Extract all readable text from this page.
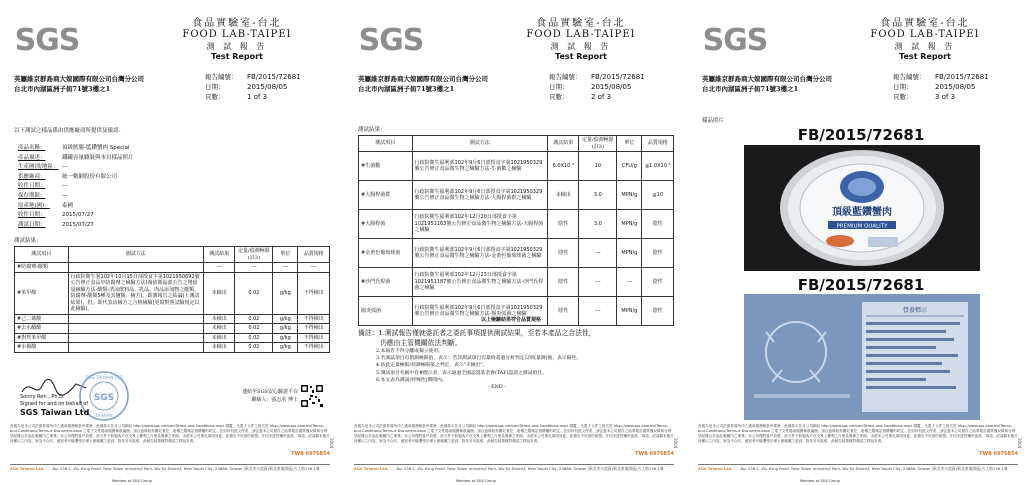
SGS	食品實驗室-台北
FOOD LAB-TAIPEI
測 試 報 告
Test Report
英屬維京群島商大媗國際有限公司台灣分公司
台北市內湖區洲子街71號3樓之1
報告編號：	FB/2015/72681
日期：	2015/08/05
頁數：	1 of 3
以下測試之樣品係由供應廠商所提供及確認：
產品名稱：	頂級鱈腸-藍鑽蟹肉 Special
產品描述：	鐵罐容量聽裝與本頁樣品照片
生產國別/地區： ---
供應廠商：	統一數網股份有限公司
收件日期：	---
保存期限：	---
原產地(國)：	泰國
收件日期：	2015/07/27
測試日期：	2015/07/27
測試結果：
測試項目	測試方法	測試結果	定量/偵測極限(註3)	單位	品質規格
#防腐劑-酸類		---	---	---	---
#苯甲酸	行政院衛生署102年10月15日部授食字第1021950692號公告修正食品中防腐劑之檢驗方法(複依衛福部公告之殘留量檢驗方法-酸類-清涼飲料品、乳品、肉品添加物之酸類、防腐劑-酸類5種及其鹽類、檢方)。即測報告之結論(上測試結果)，但，即代表活檢方之合格檢驗(更寫對照試驗規定以此檢驗)。	未檢出	0.02	g/kg	不得檢出
#己二烯酸		未檢出	0.02	g/kg	不得檢出
#去水醋酸		未檢出	0.02	g/kg	不得檢出
#對羥苯甲酸		未檢出	0.02	g/kg	不得檢出
#水楊酸		未檢出	0.02	g/kg	不得檢出
SGS
SGS TAIWAN LTD
TAIWAN
Sonny Ren , Ph.D.
Signed for and on behalf of
SGS Taiwan Ltd
連結至SGS安心驗證平台
聯絡人：張志名 博士
此報告是本公司依照背面所印之通用服務條款所簽發，此條款可在本公司網站 http://www.sgs.com/en/Terms-and-Conditions.aspx 閱覽，凡電子文件之格式依 http://www.sgs.com/en/Terms-and-Conditions/Terms-e-Document.aspx 之電子文件通用服務條款處理。請注意條款有關於責任、賠償之限制及管轄權的約定。任何持有此文件者，請注意本公司製作之結果報告書將僅反映執行時所紀錄且於委託範圍內之事實。本公司僅對客戶負責，此文件不妨礙客戶在交易上權利之行使及義務之免除。未經本公司事先書面同意，此報告不可部份複製。任何未經授權的更改、偽造、或曲解本報告所顯示之內容，皆為不合法，違犯者可能遭受法律上最嚴厲之追訴。除非另有說明，此報告結果僅對測試之樣品負責。
TWB 6976854
SGS Taiwan Ltd. No. 136-1, Wu Kung Road, New Taipei Industrial Park, Wu Ku District, New Taipei City, 24886, Taiwan /新北市五股區(新北產業園區)五工路136-1號
Member of SGS Group
3004
SGS	食品實驗室-台北
FOOD LAB-TAIPEI
測 試 報 告
Test Report
英屬維京群島商大媗國際有限公司台灣分公司
台北市內湖區洲子街71號3樓之1
報告編號：	FB/2015/72681
日期：	2015/08/05
頁數：	2 of 3
測試結果：
測試項目	測試方法	測試結果	定量/偵測極限(註3)	單位	品質規格
#生菌數	行政院衛生福利部102年9月6日部授食字第1021950329號公告修正食品微生物之檢驗方法-生菌數之檢驗	6.0X10 ³	10	CFU/g	≦1.0X10 ⁵
#大腸桿菌群	行政院衛生福利部102年9月6日部授食字第1021950329號公告修正食品微生物之檢驗方法-大腸桿菌群之檢驗	未檢出	3.0	MPN/g	≦10
#大腸桿菌	行政院衛生福利部102年12月20日部授食字第1021951163號公告修正食品微生物之檢驗方法-大腸桿菌之檢驗	陰性	3.0	MPN/g	陰性
#金黃色葡萄球菌	行政院衛生福利部102年9月6日部授食字第1021950329號公告修正食品微生物之檢驗方法-金黃色葡萄球菌之檢驗	陰性	---	MPN/g	陰性
#沙門氏桿菌	行政院衛生福利部102年12月23日部授食字第1021951187號公告修正食品微生物之檢驗方法-沙門氏桿菌之檢驗	陰性	---	---	陰性
腸炎弧菌	行政院衛生福利部102年9月6日部授食字第1021950329號公告修正食品微生物之檢驗方法-腸炎弧菌之檢驗	陰性	---	MPN/g	陰性
以上檢驗結果符合品質規格
備註：1.測試報告僅就委託者之委託事項提供測試結果，至若本產品之合法性，
仍應由主管機關依法判斷。
2.本報告不得分離或獨立使用。
3.若測試項目有偵測極限值，表示：若該測試項目有最終超過分析判定以則(量測)後，表示陽性。
4.依此定量極限/偵測極限值之判定，表示"未檢出"。
5.測試項目名稱中有#標示者，表示通過全國認證基金會(TAF)認證之測試項目。
6.本文表為測試(特殊性)期間內。
- END -
此報告是本公司依照背面所印之通用服務條款所簽發，此條款可在本公司網站 http://www.sgs.com/en/Terms-and-Conditions.aspx 閱覽，凡電子文件之格式依 http://www.sgs.com/en/Terms-and-Conditions/Terms-e-Document.aspx 之電子文件通用服務條款處理。請注意條款有關於責任、賠償之限制及管轄權的約定。任何持有此文件者，請注意本公司製作之結果報告書將僅反映執行時所紀錄且於委託範圍內之事實。本公司僅對客戶負責，此文件不妨礙客戶在交易上權利之行使及義務之免除。未經本公司事先書面同意，此報告不可部份複製。任何未經授權的更改、偽造、或曲解本報告所顯示之內容，皆為不合法，違犯者可能遭受法律上最嚴厲之追訴。除非另有說明，此報告結果僅對測試之樣品負責。
TWB 6976854
SGS Taiwan Ltd. No. 136-1, Wu Kung Road, New Taipei Industrial Park, Wu Ku District, New Taipei City, 24886, Taiwan /新北市五股區(新北產業園區)五工路136-1號
Member of SGS Group
3004
SGS	食品實驗室-台北
FOOD LAB-TAIPEI
測 試 報 告
Test Report
英屬維京群島商大媗國際有限公司台灣分公司
台北市內湖區洲子街71號3樓之1
報告編號：	FB/2015/72681
日期：	2015/08/05
頁數：	3 of 3
樣品照片
FB/2015/72681
頂級藍鑽蟹肉
PREMIUM QUALITY
FB/2015/72681
營養標示
此報告是本公司依照背面所印之通用服務條款所簽發，此條款可在本公司網站 http://www.sgs.com/en/Terms-and-Conditions.aspx 閱覽，凡電子文件之格式依 http://www.sgs.com/en/Terms-and-Conditions/Terms-e-Document.aspx 之電子文件通用服務條款處理。請注意條款有關於責任、賠償之限制及管轄權的約定。任何持有此文件者，請注意本公司製作之結果報告書將僅反映執行時所紀錄且於委託範圍內之事實。本公司僅對客戶負責，此文件不妨礙客戶在交易上權利之行使及義務之免除。未經本公司事先書面同意，此報告不可部份複製。任何未經授權的更改、偽造、或曲解本報告所顯示之內容，皆為不合法，違犯者可能遭受法律上最嚴厲之追訴。除非另有說明，此報告結果僅對測試之樣品負責。
TWB 6976854
SGS Taiwan Ltd. No. 136-1, Wu Kung Road, New Taipei Industrial Park, Wu Ku District, New Taipei City, 24886, Taiwan /新北市五股區(新北產業園區)五工路136-1號
Member of SGS Group
3004
